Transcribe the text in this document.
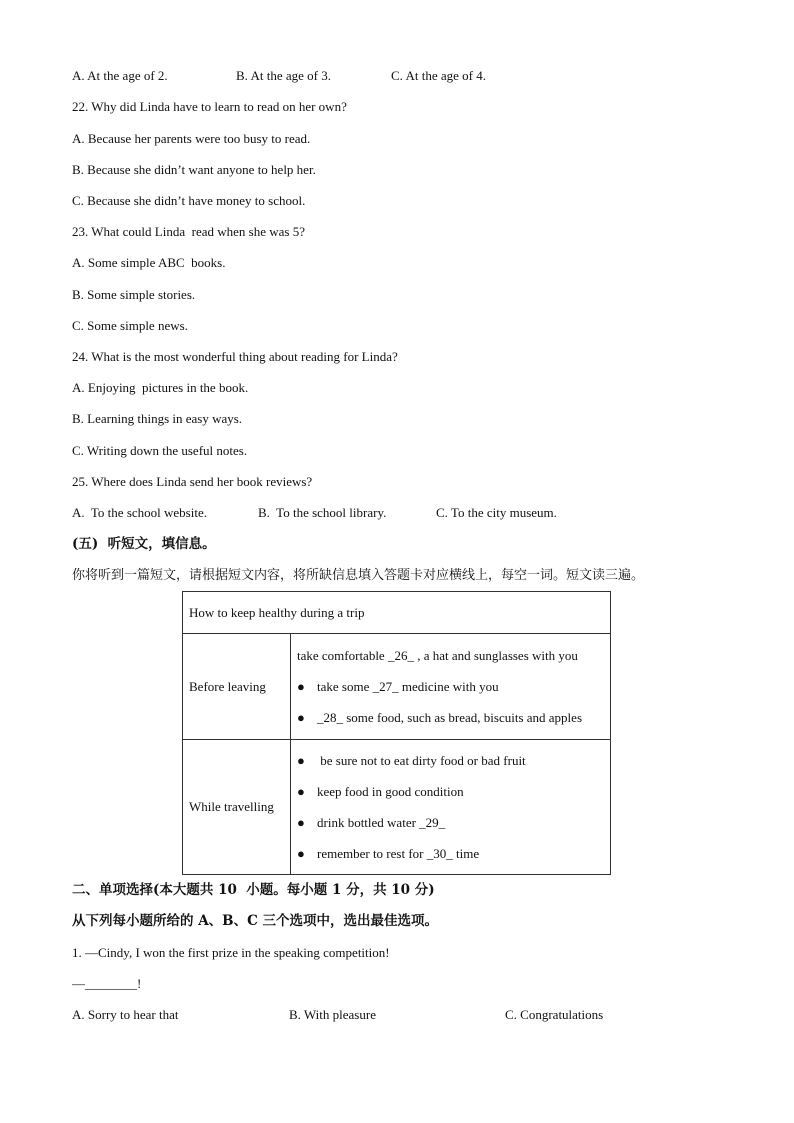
A. At the age of 2.	B. At the age of 3.	C. At the age of 4.
22. Why did Linda have to learn to read on her own?
A. Because her parents were too busy to read.
B. Because she didn’t want anyone to help her.
C. Because she didn’t have money to school.
23. What could Linda  read when she was 5?
A. Some simple ABC  books.
B. Some simple stories.
C. Some simple news.
24. What is the most wonderful thing about reading for Linda?
A. Enjoying  pictures in the book.
B. Learning things in easy ways.
C. Writing down the useful notes.
25. Where does Linda send her book reviews?
A.  To the school website.	B.  To the school library.	C. To the city museum.
(五)  听短文，填信息。
你将听到一篇短文，请根据短文内容，将所缺信息填入答题卡对应横线上，每空一词。短文读三遍。
How to keep healthy during a trip	
Before leaving	take comfortable _26_ , a hat and sunglasses with you
● take some _27_ medicine with you
● _28_ some food, such as bread, biscuits and apples

While travelling	● be sure not to eat dirty food or bad fruit
● keep food in good condition
● drink bottled water _29_
● remember to rest for _30_ time
二、单项选择(本大题共 10  小题。每小题 1 分，共 10 分)
从下列每小题所给的 A、B、C 三个选项中，选出最佳选项。
1. —Cindy, I won the first prize in the speaking competition!
—________!
A. Sorry to hear that	B. With pleasure	C. Congratulations
